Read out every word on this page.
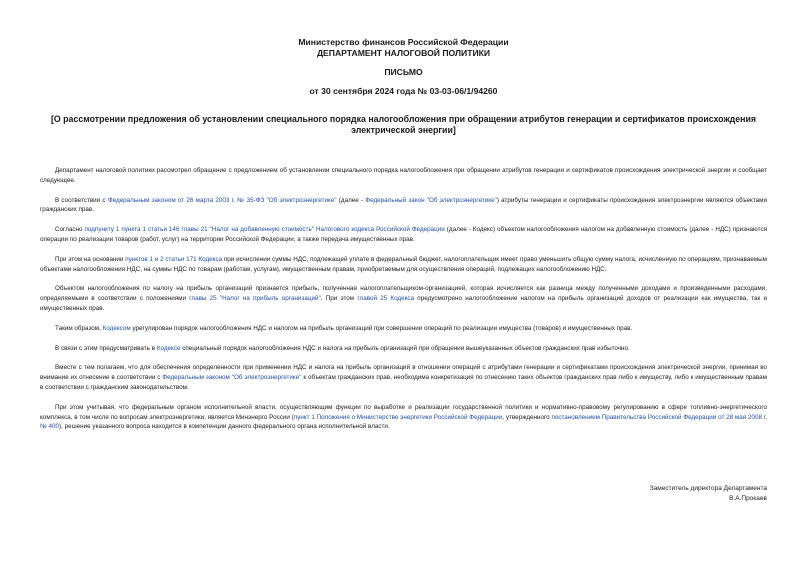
Министерство финансов Российской Федерации
ДЕПАРТАМЕНТ НАЛОГОВОЙ ПОЛИТИКИ
ПИСЬМО
от 30 сентября 2024 года № 03-03-06/1/94260
[О рассмотрении предложения об установлении специального порядка налогообложения при обращении атрибутов генерации и сертификатов происхождения электрической энергии]

Департамент налоговой политики рассмотрел обращение с предложением об установлении специального порядка налогообложения при обращении атрибутов генерации и сертификатов происхождения электрической энергии и сообщает следующее.

В соответствии с Федеральным законом от 26 марта 2003 г. № 35-ФЗ "Об электроэнергетике" (далее - Федеральный закон "Об электроэнергетике") атрибуты генерации и сертификаты происхождения электроэнергии являются объектами гражданских прав.

Согласно подпункту 1 пункта 1 статьи 146 главы 21 "Налог на добавленную стоимость" Налогового кодекса Российской Федерации (далее - Кодекс) объектом налогообложения налогом на добавленную стоимость (далее - НДС) признаются операции по реализации товаров (работ, услуг) на территории Российской Федерации, а также передача имущественных прав.

При этом на основании пунктов 1 и 2 статьи 171 Кодекса при исчислении суммы НДС, подлежащей уплате в федеральный бюджет, налогоплательщик имеет право уменьшить общую сумму налога, исчисленную по операциям, признаваемым объектами налогообложения НДС, на суммы НДС по товарам (работам, услугам), имущественным правам, приобретаемым для осуществления операций, подлежащих налогообложению НДС.

Объектом налогообложения по налогу на прибыль организаций признается прибыль, полученная налогоплательщиком-организацией, которая исчисляется как разница между полученными доходами и произведенными расходами, определяемыми в соответствии с положениями главы 25 "Налог на прибыль организаций". При этом главой 25 Кодекса предусмотрено налогообложение налогом на прибыль организаций доходов от реализации как имущества, так и имущественных прав.

Таким образом, Кодексом урегулирован порядок налогообложения НДС и налогом на прибыль организаций при совершении операций по реализации имущества (товаров) и имущественных прав.

В связи с этим предусматривать в Кодексе специальный порядок налогообложения НДС и налога на прибыль организаций при обращении вышеуказанных объектов гражданских прав избыточно.

Вместе с тем полагаем, что для обеспечения определенности при применении НДС и налога на прибыль организаций в отношении операций с атрибутами генерации и сертификатами происхождения электрической энергии, принимая во внимание их отнесение в соответствии с Федеральным законом "Об электроэнергетике" к объектам гражданских прав, необходима конкретизация по отнесению таких объектов гражданских прав либо к имуществу, либо к имущественным правам в соответствии с гражданским законодательством.

При этом учитывая, что федеральным органом исполнительной власти, осуществляющим функции по выработке и реализации государственной политики и нормативно-правовому регулированию в сфере топливно-энергетического комплекса, в том числе по вопросам электроэнергетики, является Минэнерго России (пункт 1 Положения о Министерстве энергетики Российской Федерации, утвержденного постановлением Правительства Российской Федерации от 28 мая 2008 г. № 400), решение указанного вопроса находится в компетенции данного федерального органа исполнительной власти.

Заместитель директора Департамента
В.А.Прокаев
